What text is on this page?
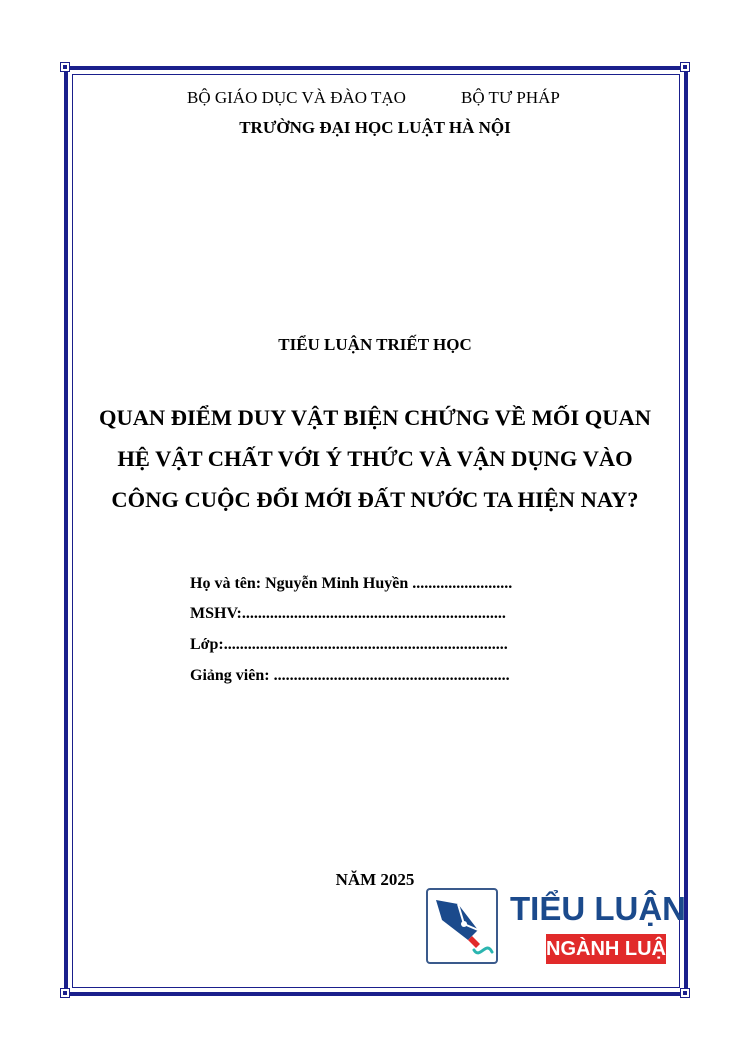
BỘ GIÁO DỤC VÀ ĐÀO TẠO	BỘ TƯ PHÁP
TRƯỜNG ĐẠI HỌC LUẬT HÀ NỘI
TIỂU LUẬN TRIẾT HỌC
QUAN ĐIỂM DUY VẬT BIỆN CHỨNG VỀ MỐI QUAN
HỆ VẬT CHẤT VỚI Ý THỨC VÀ VẬN DỤNG VÀO
CÔNG CUỘC ĐỔI MỚI ĐẤT NƯỚC TA HIỆN NAY?
Họ và tên: Nguyễn Minh Huyền .........................
MSHV:..................................................................
Lớp:.......................................................................
Giảng viên: ...........................................................
NĂM 2025
TIỂU LUẬN
NGÀNH LUẬT
